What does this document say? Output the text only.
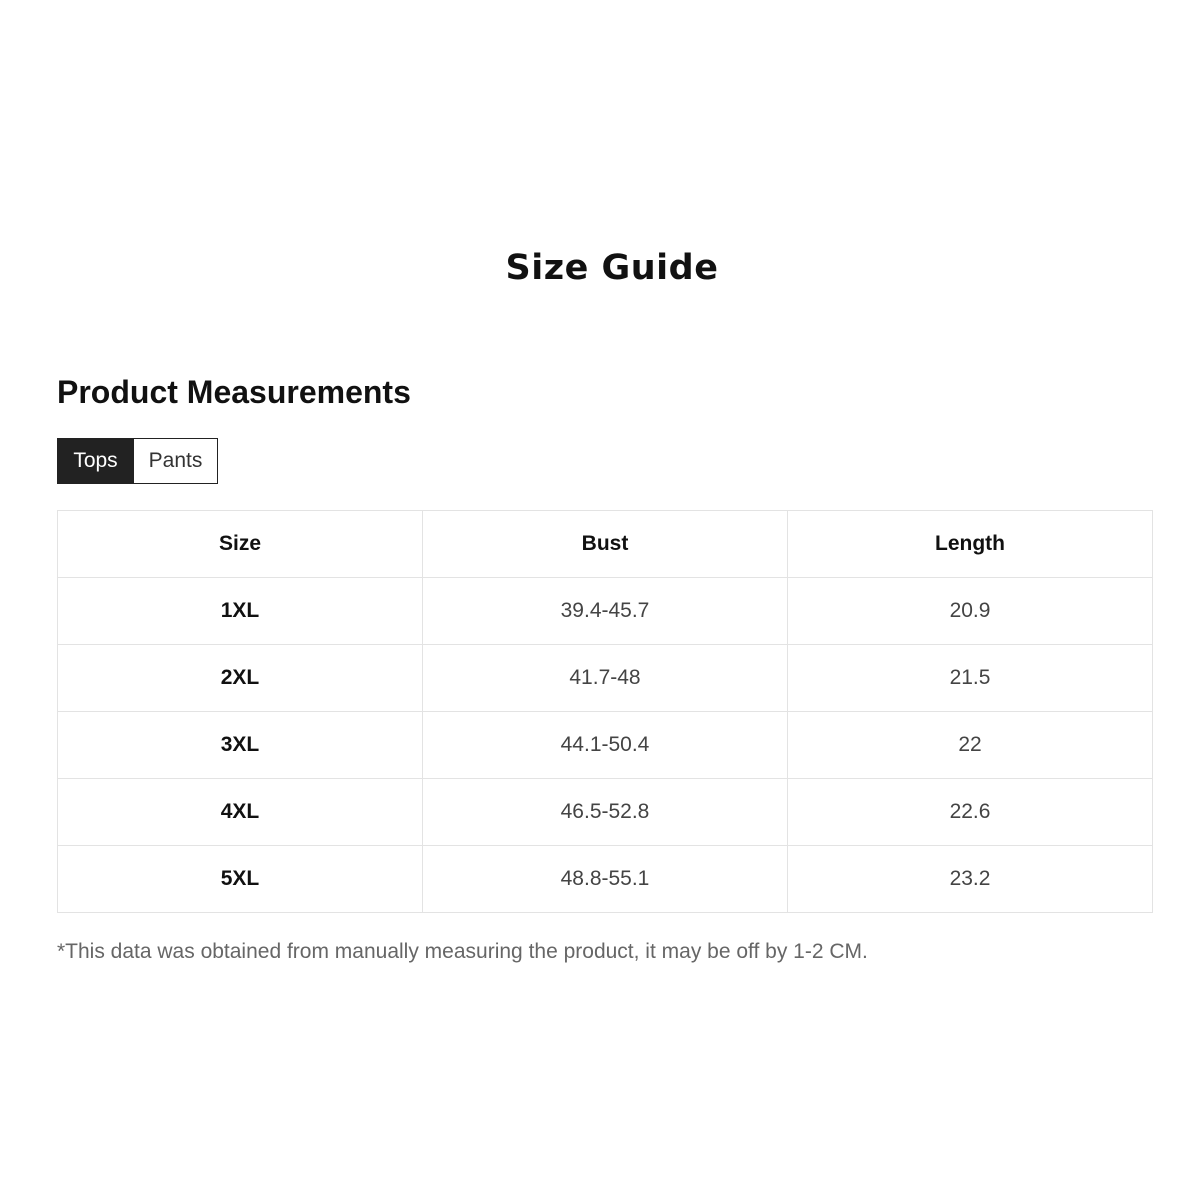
Size Guide
Product Measurements
Tops	Pants
Size	Bust	Length
1XL	39.4-45.7	20.9
2XL	41.7-48	21.5
3XL	44.1-50.4	22
4XL	46.5-52.8	22.6
5XL	48.8-55.1	23.2

*This data was obtained from manually measuring the product, it may be off by 1-2 CM.
